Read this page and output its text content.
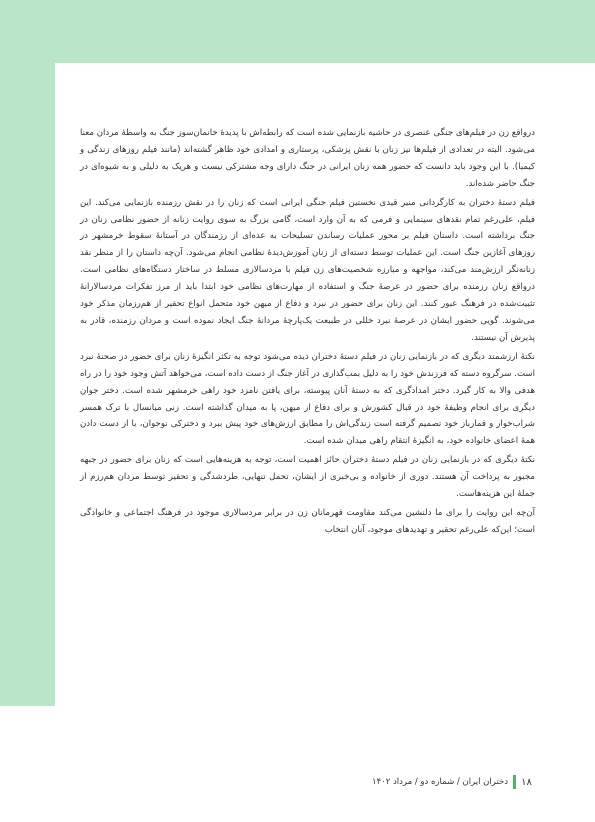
درواقع زن در فیلم‌های جنگی عنصری در حاشیه بازنمایی شده است که رابطه‌اش با پدیدهٔ خانمان‌سوز جنگ به واسطهٔ مردان معنا می‌شود. البته در تعدادی از فیلم‌ها نیز زنان با نقش پزشکی، پرستاری و امدادی خود ظاهر گشته‌اند (مانند فیلم روزهای زندگی و کیمیا). با این وجود باید دانست که حضور همه زنان ایرانی در جنگ دارای وجه مشترکی نیست و هریک به دلیلی و به شیوه‌ای در جنگ حاضر شده‌اند.

فیلم دستهٔ دختران به کارگردانی منیر قیدی نخستین فیلم جنگی ایرانی است که زنان را در نقش رزمنده بازنمایی می‌کند. این فیلم، علی‌رغم تمام نقدهای سینمایی و فرمی که به آن وارد است، گامی بزرگ به سوی روایت زنانه از حضور نظامی زنان در جنگ برداشته است. داستان فیلم بر محور عملیات رساندن تسلیحات به عده‌ای از رزمندگان در آستانهٔ سقوط خرمشهر در روزهای آغازین جنگ است. این عملیات توسط دسته‌ای از زنان آموزش‌دیدهٔ نظامی انجام می‌شود. آن‌چه داستان را از منظر نقد زنانه‌نگر ارزش‌مند می‌کند، مواجهه و مبارزه شخصیت‌های زن فیلم با مردسالاری مسلط در ساختار دستگاه‌های نظامی است. درواقع زنان رزمنده برای حضور در عرصهٔ جنگ و استفاده از مهارت‌های نظامی خود ابتدا باید از مرز تفکرات مردسالارانهٔ تثبیت‌شده در فرهنگ عبور کنند. این زنان برای حضور در نبرد و دفاع از میهن خود متحمل انواع تحقیر از هم‌رزمان مذکر خود می‌شوند. گویی حضور ایشان در عرصهٔ نبرد خللی در طبیعت یک‌پارچهٔ مردانهٔ جنگ ایجاد نموده است و مردان رزمنده، قادر به پذیرش آن نیستند.

نکتهٔ ارزشمند دیگری که در بازنمایی زنان در فیلم دستهٔ دختران دیده می‌شود توجه به تکثر انگیزهٔ زنان برای حضور در صحنهٔ نبرد است. سرگروه دسته که فرزندش خود را به دلیل بمب‌گذاری در آغاز جنگ از دست داده است، می‌خواهد آتش وجود خود را در راه هدفی والا به کار گیرد. دختر امدادگری که به دستهٔ آنان پیوسته، برای یافتن نامزد خود راهی خرمشهر شده است. دختر جوان دیگری برای انجام وظیفهٔ خود در قبال کشورش و برای دفاع از میهن، پا به میدان گذاشته است. زنی میانسال با ترک همسر شراب‌خوار و قمارباز خود تصمیم گرفته است زندگی‌اش را مطابق ارزش‌های خود پیش ببرد و دخترکی نوجوان، با از دست دادن همهٔ اعضای خانواده خود، به انگیزهٔ انتقام راهی میدان شده است.

نکتهٔ دیگری که در بازنمایی زنان در فیلم دستهٔ دختران حائز اهمیت است، توجه به هزینه‌هایی است که زنان برای حضور در جبهه مجبور به پرداخت آن هستند. دوری از خانواده و بی‌خبری از ایشان، تحمل تنهایی، طردشدگی و تحقیر توسط مردان هم‌رزم از جملهٔ این هزینه‌هاست.

آن‌چه این روایت را برای ما دلنشین می‌کند مقاومت قهرمانان زن در برابر مردسالاری موجود در فرهنگ اجتماعی و خانوادگی است؛ این‌که علی‌رغم تحقیر و تهدیدهای موجود، آنان انتخاب

۱۸
دختران ایران / شماره دو / مرداد ۱۴۰۲
